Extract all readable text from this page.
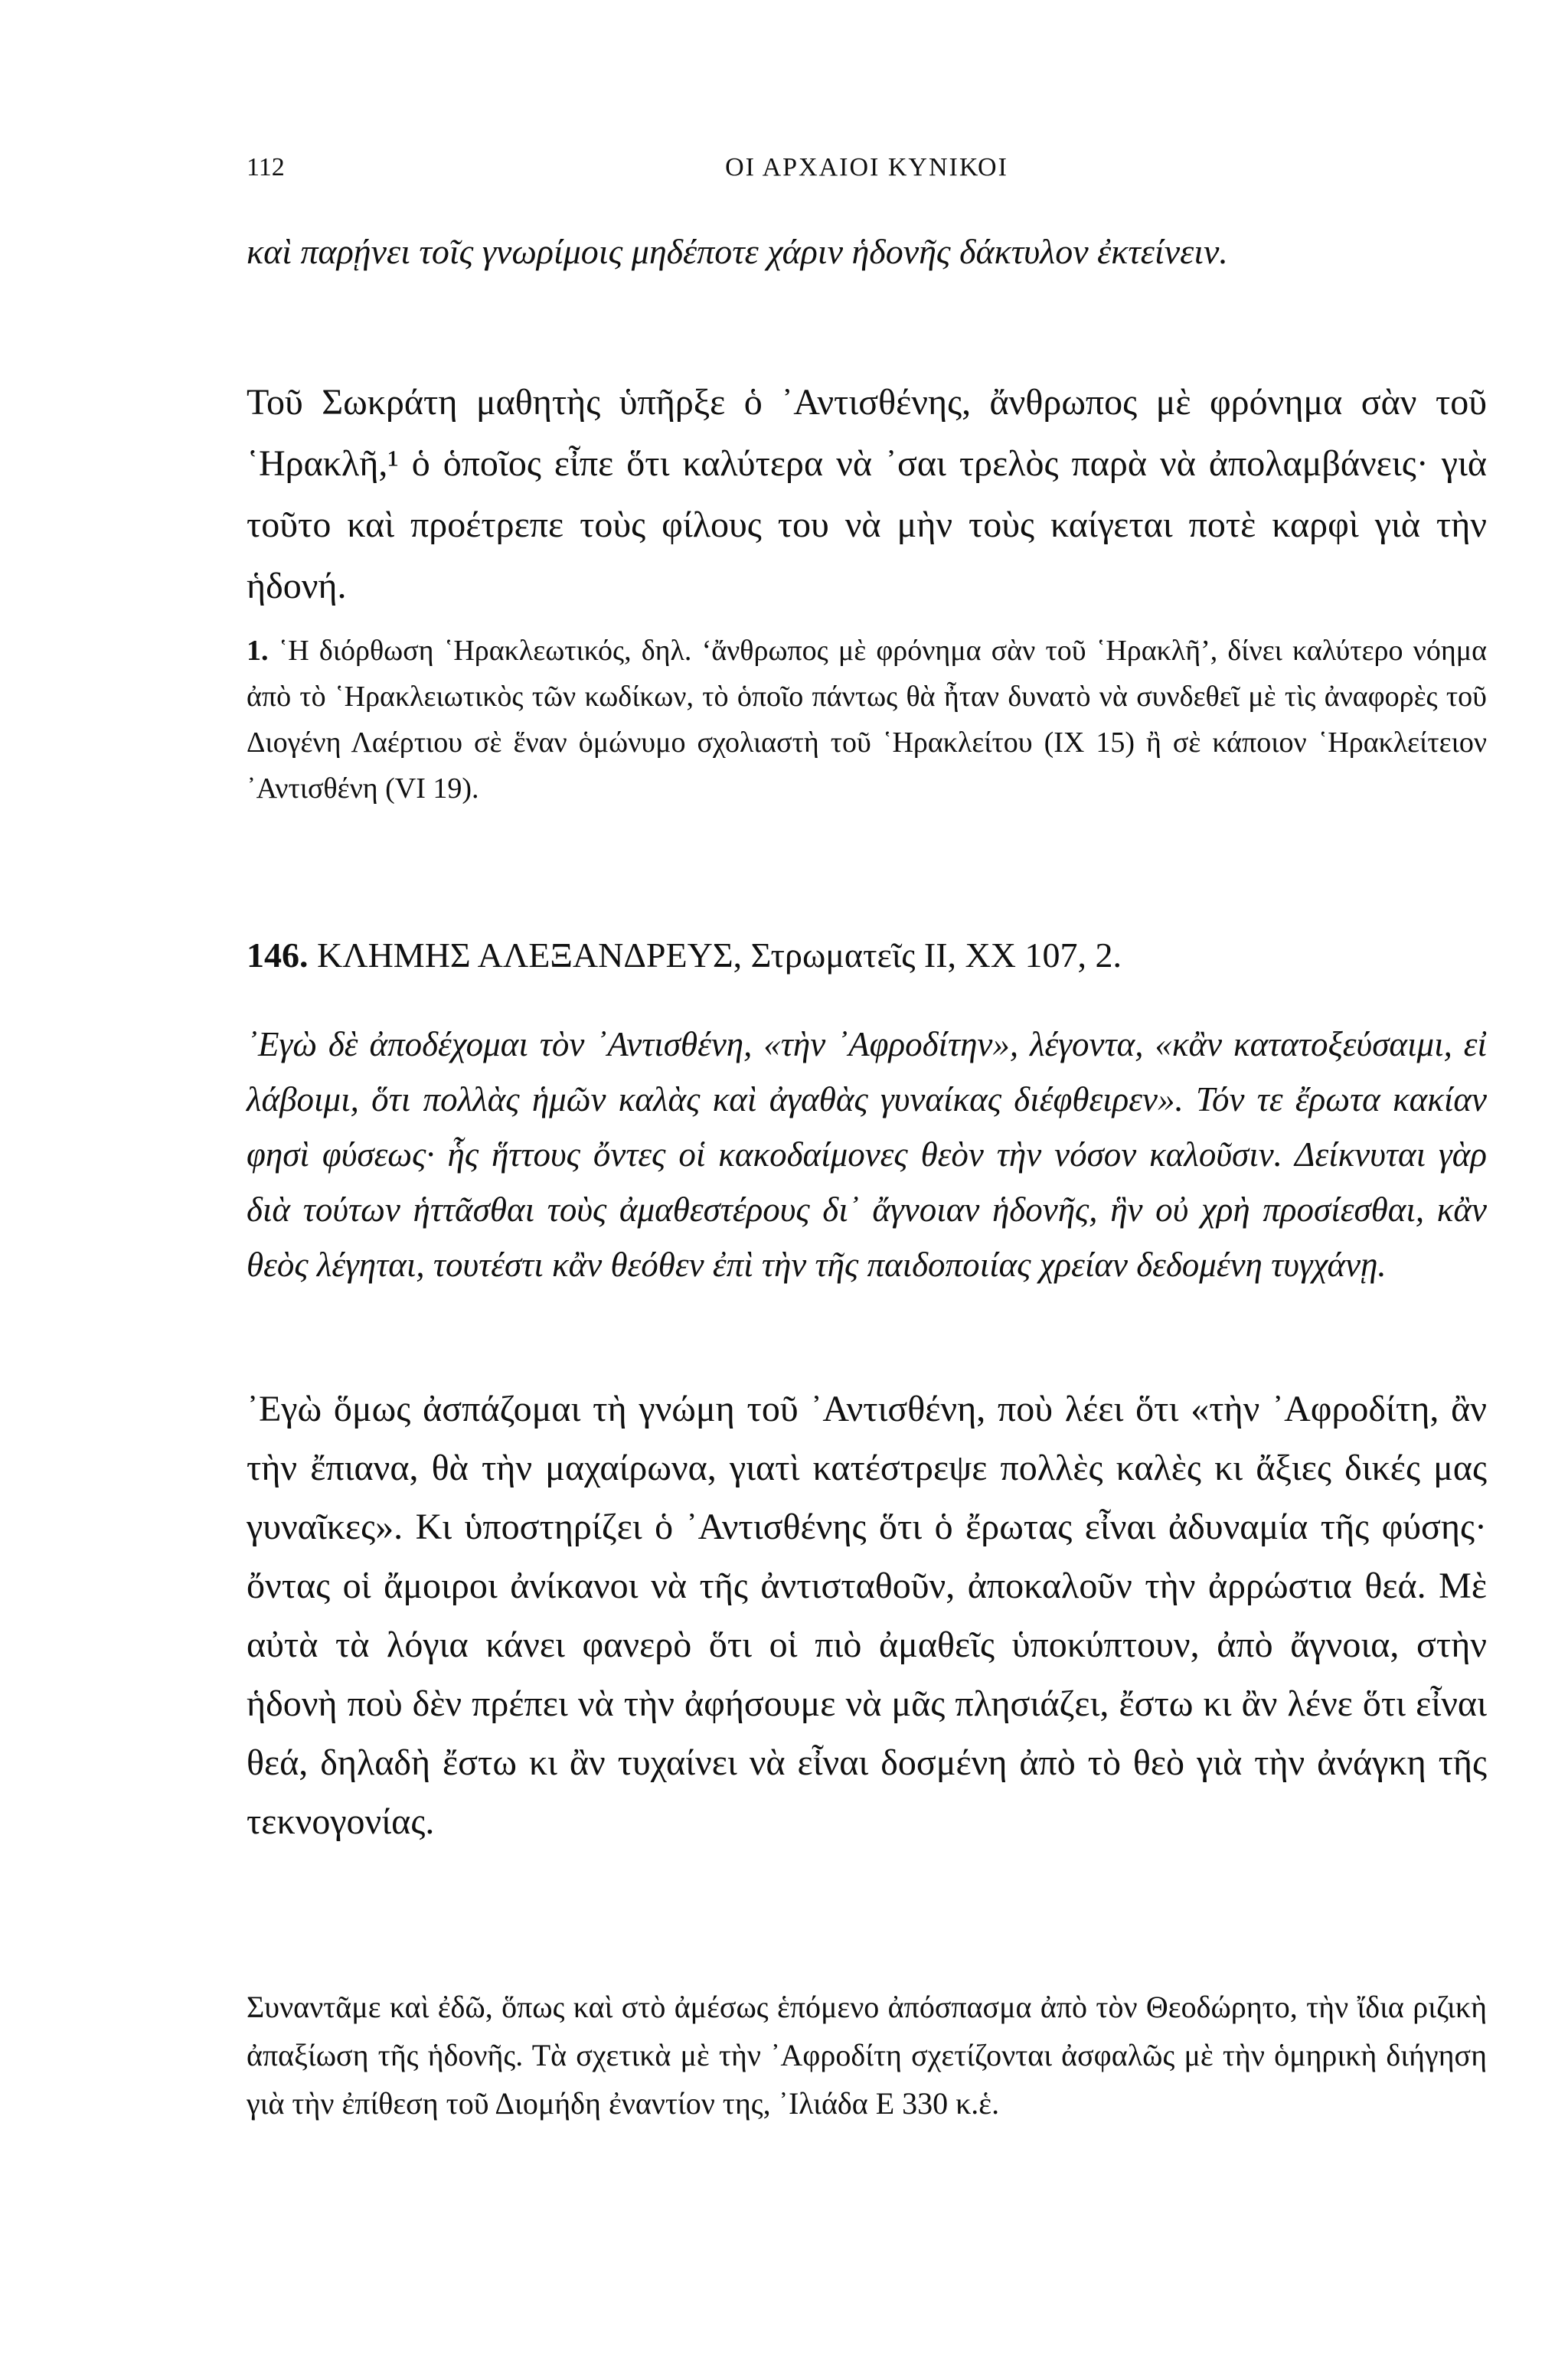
112	ΟΙ ΑΡΧΑΙΟΙ ΚΥΝΙΚΟΙ

καὶ παρῄνει τοῖς γνωρίμοις μηδέποτε χάριν ἡδονῆς δάκτυλον ἐκτείνειν.

Τοῦ Σωκράτη μαθητὴς ὑπῆρξε ὁ ᾿Αντισθένης, ἄνθρωπος μὲ φρόνημα σὰν τοῦ ῾Ηρακλῆ,¹ ὁ ὁποῖος εἶπε ὅτι καλύτερα νὰ ᾿σαι τρελὸς παρὰ νὰ ἀπολαμβάνεις· γιὰ τοῦτο καὶ προέτρεπε τοὺς φίλους του νὰ μὴν τοὺς καίγεται ποτὲ καρφὶ γιὰ τὴν ἡδονή.

1. ῾Η διόρθωση ῾Ηρακλεωτικός, δηλ. ‘ἄνθρωπος μὲ φρόνημα σὰν τοῦ ῾Ηρακλῆ’, δίνει καλύτερο νόημα ἀπὸ τὸ ῾Ηρακλειωτικὸς τῶν κωδίκων, τὸ ὁποῖο πάντως θὰ ἦταν δυνατὸ νὰ συνδεθεῖ μὲ τὶς ἀναφορὲς τοῦ Διογένη Λαέρτιου σὲ ἕναν ὁμώνυμο σχολιαστὴ τοῦ ῾Ηρακλείτου (IX 15) ἢ σὲ κάποιον ῾Ηρακλείτειον ᾿Αντισθένη (VI 19).

146. ΚΛΗΜΗΣ ΑΛΕΞΑΝΔΡΕΥΣ, Στρωματεῖς II, XX 107, 2.

᾿Εγὼ δὲ ἀποδέχομαι τὸν ᾿Αντισθένη, «τὴν ᾿Αφροδίτην», λέγοντα, «κἂν κατατοξεύσαιμι, εἰ λάβοιμι, ὅτι πολλὰς ἡμῶν καλὰς καὶ ἀγαθὰς γυναίκας διέφθειρεν». Τόν τε ἔρωτα κακίαν φησὶ φύσεως· ἧς ἥττους ὄντες οἱ κακοδαίμονες θεὸν τὴν νόσον καλοῦσιν. Δείκνυται γὰρ διὰ τούτων ἡττᾶσθαι τοὺς ἀμαθεστέρους δι᾿ ἄγνοιαν ἡδονῆς, ἣν οὐ χρὴ προσίεσθαι, κἂν θεὸς λέγηται, τουτέστι κἂν θεόθεν ἐπὶ τὴν τῆς παιδοποιίας χρείαν δεδομένη τυγχάνῃ.

᾿Εγὼ ὅμως ἀσπάζομαι τὴ γνώμη τοῦ ᾿Αντισθένη, ποὺ λέει ὅτι «τὴν ᾿Αφροδίτη, ἂν τὴν ἔπιανα, θὰ τὴν μαχαίρωνα, γιατὶ κατέστρεψε πολλὲς καλὲς κι ἄξιες δικές μας γυναῖκες». Κι ὑποστηρίζει ὁ ᾿Αντισθένης ὅτι ὁ ἔρωτας εἶναι ἀδυναμία τῆς φύσης· ὄντας οἱ ἄμοιροι ἀνίκανοι νὰ τῆς ἀντισταθοῦν, ἀποκαλοῦν τὴν ἀρρώστια θεά. Μὲ αὐτὰ τὰ λόγια κάνει φανερὸ ὅτι οἱ πιὸ ἀμαθεῖς ὑποκύπτουν, ἀπὸ ἄγνοια, στὴν ἡδονὴ ποὺ δὲν πρέπει νὰ τὴν ἀφήσουμε νὰ μᾶς πλησιάζει, ἔστω κι ἂν λένε ὅτι εἶναι θεά, δηλαδὴ ἔστω κι ἂν τυχαίνει νὰ εἶναι δοσμένη ἀπὸ τὸ θεὸ γιὰ τὴν ἀνάγκη τῆς τεκνογονίας.

Συναντᾶμε καὶ ἐδῶ, ὅπως καὶ στὸ ἀμέσως ἑπόμενο ἀπόσπασμα ἀπὸ τὸν Θεοδώρητο, τὴν ἴδια ριζικὴ ἀπαξίωση τῆς ἡδονῆς. Τὰ σχετικὰ μὲ τὴν ᾿Αφροδίτη σχετίζονται ἀσφαλῶς μὲ τὴν ὁμηρικὴ διήγηση γιὰ τὴν ἐπίθεση τοῦ Διομήδη ἐναντίον της, ᾿Ιλιάδα Ε 330 κ.ἑ.
